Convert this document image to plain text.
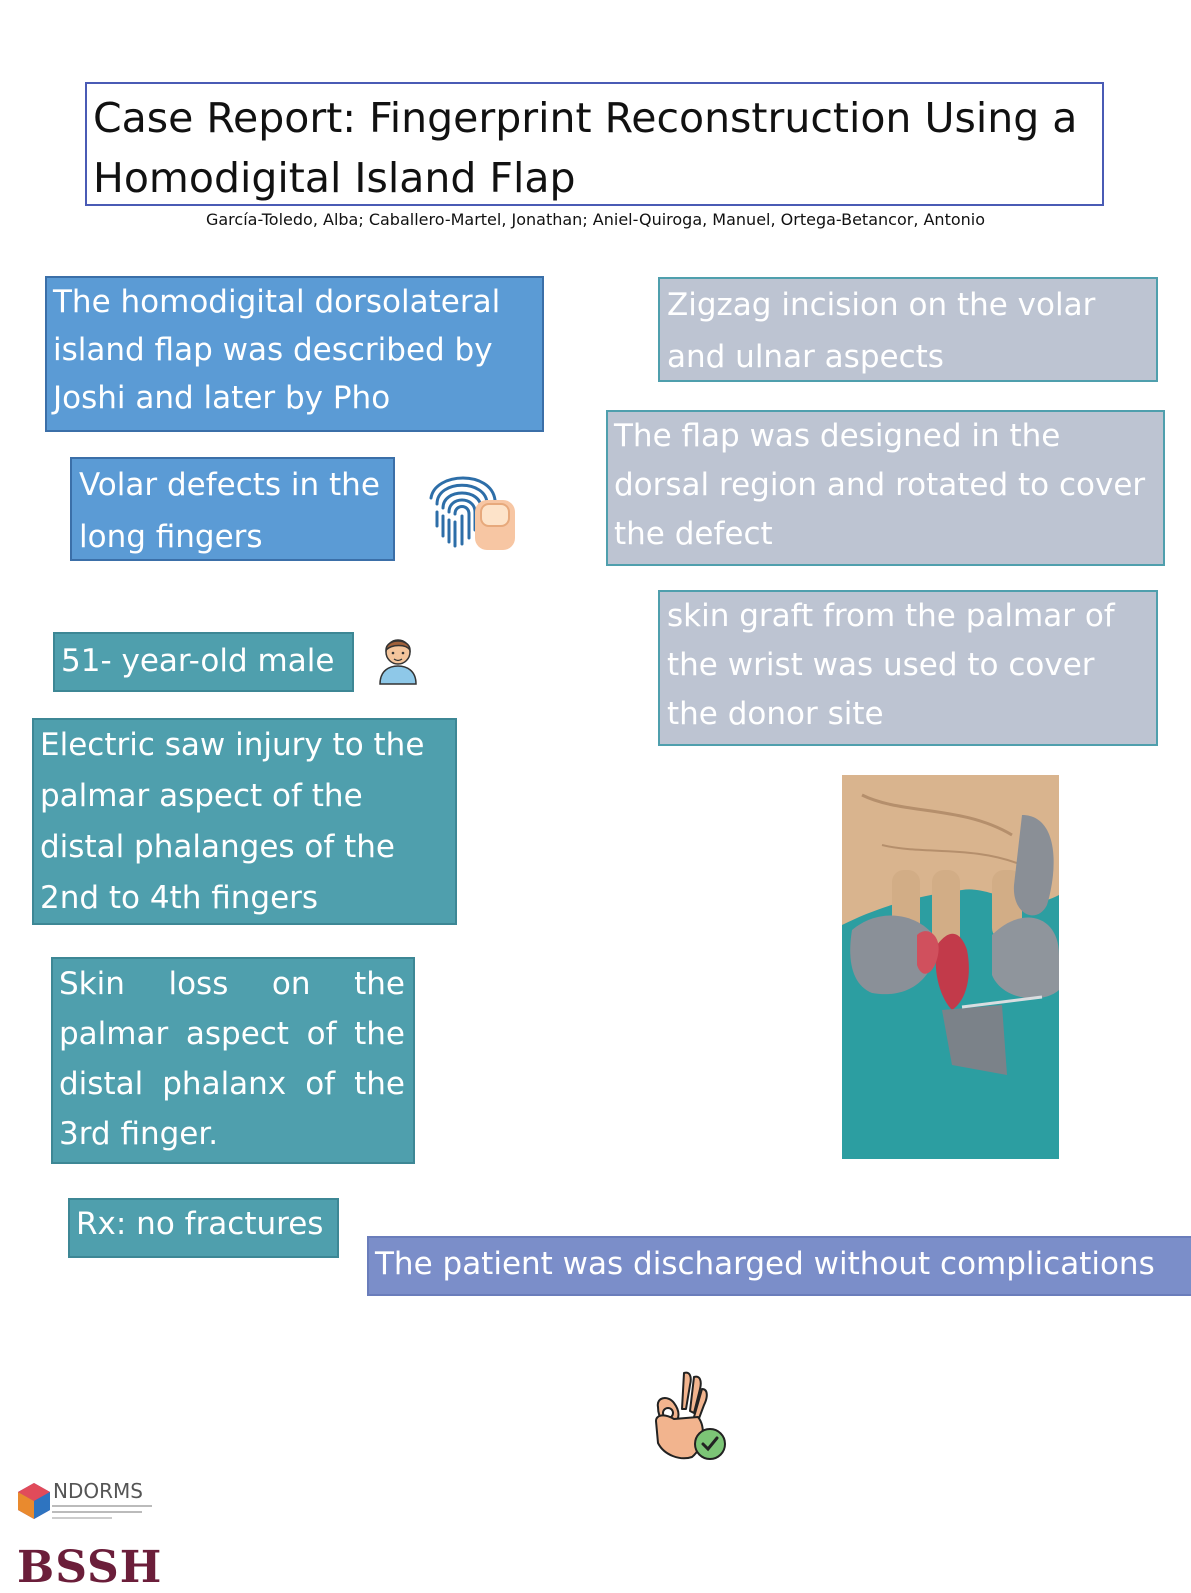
Case Report: Fingerprint Reconstruction Using a Homodigital Island Flap
García-Toledo, Alba; Caballero-Martel, Jonathan; Aniel-Quiroga, Manuel, Ortega-Betancor, Antonio
The homodigital dorsolateral island flap was described by Joshi and later by Pho
Volar defects in the long fingers
51- year-old male
Electric saw injury to the palmar aspect of the distal phalanges of the 2nd to 4th fingers
Skin loss on the palmar aspect of the distal phalanx of the 3rd finger.
Rx: no fractures
Zigzag incision on the volar and ulnar aspects
The flap was designed in the dorsal region and rotated to cover the defect
skin graft from the palmar of the wrist was used to cover the donor site
The patient was discharged without complications
NDORMS
BSSH
